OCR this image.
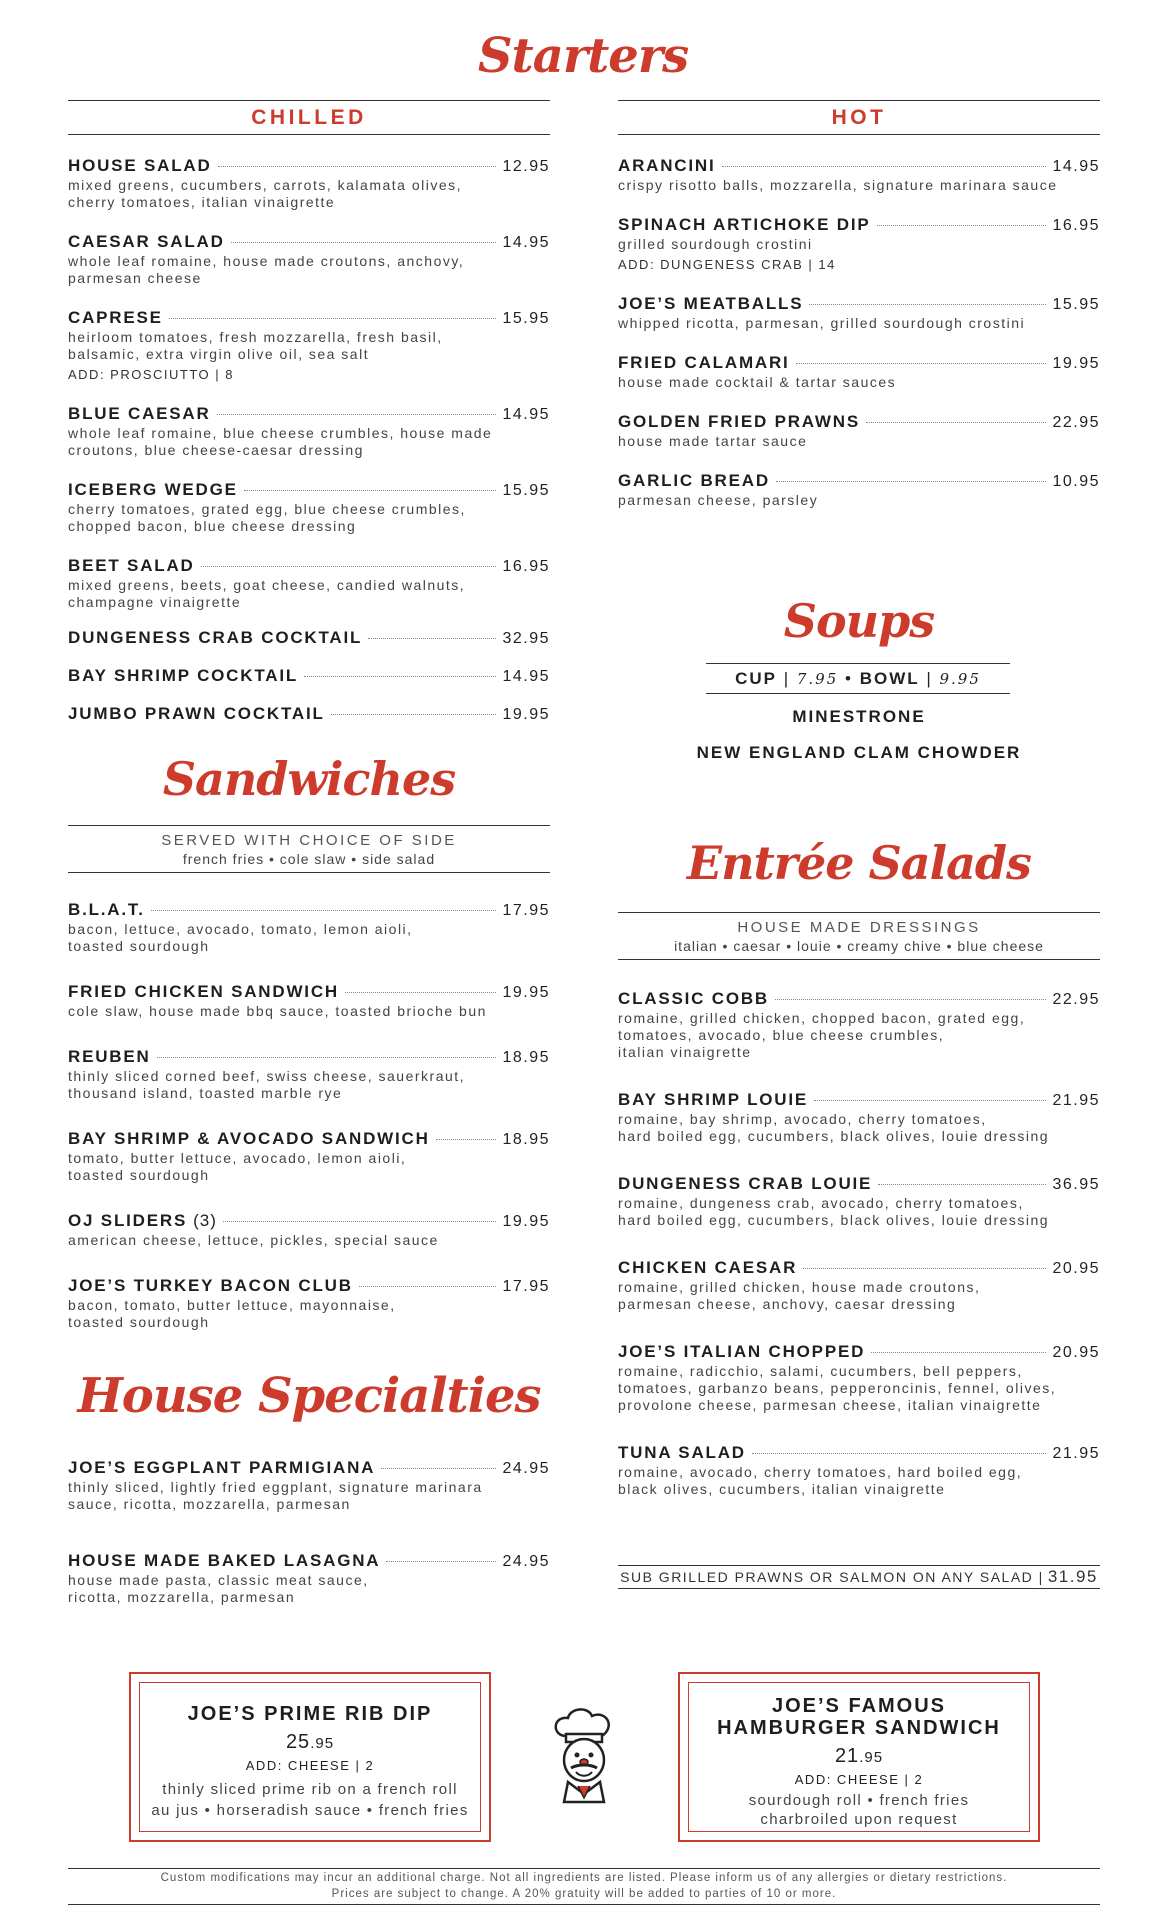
Starters
CHILLED
HOUSE SALAD	12.95
mixed greens, cucumbers, carrots, kalamata olives,
cherry tomatoes, italian vinaigrette
CAESAR SALAD	14.95
whole leaf romaine, house made croutons, anchovy,
parmesan cheese
CAPRESE	15.95
heirloom tomatoes, fresh mozzarella, fresh basil,
balsamic, extra virgin olive oil, sea salt
ADD: PROSCIUTTO | 8
BLUE CAESAR	14.95
whole leaf romaine, blue cheese crumbles, house made
croutons, blue cheese-caesar dressing
ICEBERG WEDGE	15.95
cherry tomatoes, grated egg, blue cheese crumbles,
chopped bacon, blue cheese dressing
BEET SALAD	16.95
mixed greens, beets, goat cheese, candied walnuts,
champagne vinaigrette
DUNGENESS CRAB COCKTAIL	32.95
BAY SHRIMP COCKTAIL	14.95
JUMBO PRAWN COCKTAIL	19.95
HOT
ARANCINI	14.95
crispy risotto balls, mozzarella, signature marinara sauce
SPINACH ARTICHOKE DIP	16.95
grilled sourdough crostini
ADD: DUNGENESS CRAB | 14
JOE’S MEATBALLS	15.95
whipped ricotta, parmesan, grilled sourdough crostini
FRIED CALAMARI	19.95
house made cocktail & tartar sauces
GOLDEN FRIED PRAWNS	22.95
house made tartar sauce
GARLIC BREAD	10.95
parmesan cheese, parsley
Soups
CUP | 7.95 • BOWL | 9.95
MINESTRONE
NEW ENGLAND CLAM CHOWDER
Sandwiches
SERVED WITH CHOICE OF SIDE
french fries • cole slaw • side salad
B.L.A.T.	17.95
bacon, lettuce, avocado, tomato, lemon aioli,
toasted sourdough
FRIED CHICKEN SANDWICH	19.95
cole slaw, house made bbq sauce, toasted brioche bun
REUBEN	18.95
thinly sliced corned beef, swiss cheese, sauerkraut,
thousand island, toasted marble rye
BAY SHRIMP & AVOCADO SANDWICH	18.95
tomato, butter lettuce, avocado, lemon aioli,
toasted sourdough
OJ SLIDERS (3)	19.95
american cheese, lettuce, pickles, special sauce
JOE’S TURKEY BACON CLUB	17.95
bacon, tomato, butter lettuce, mayonnaise,
toasted sourdough
Entrée Salads
HOUSE MADE DRESSINGS
italian • caesar • louie • creamy chive • blue cheese
CLASSIC COBB	22.95
romaine, grilled chicken, chopped bacon, grated egg,
tomatoes, avocado, blue cheese crumbles,
italian vinaigrette
BAY SHRIMP LOUIE	21.95
romaine, bay shrimp, avocado, cherry tomatoes,
hard boiled egg, cucumbers, black olives, louie dressing
DUNGENESS CRAB LOUIE	36.95
romaine, dungeness crab, avocado, cherry tomatoes,
hard boiled egg, cucumbers, black olives, louie dressing
CHICKEN CAESAR	20.95
romaine, grilled chicken, house made croutons,
parmesan cheese, anchovy, caesar dressing
JOE’S ITALIAN CHOPPED	20.95
romaine, radicchio, salami, cucumbers, bell peppers,
tomatoes, garbanzo beans, pepperoncinis, fennel, olives,
provolone cheese, parmesan cheese, italian vinaigrette
TUNA SALAD	21.95
romaine, avocado, cherry tomatoes, hard boiled egg,
black olives, cucumbers, italian vinaigrette
SUB GRILLED PRAWNS OR SALMON ON ANY SALAD | 31.95
House Specialties
JOE’S EGGPLANT PARMIGIANA	24.95
thinly sliced, lightly fried eggplant, signature marinara
sauce, ricotta, mozzarella, parmesan
HOUSE MADE BAKED LASAGNA	24.95
house made pasta, classic meat sauce,
ricotta, mozzarella, parmesan
JOE’S PRIME RIB DIP
25.95
ADD: CHEESE | 2
thinly sliced prime rib on a french roll
au jus • horseradish sauce • french fries
JOE’S FAMOUS
HAMBURGER SANDWICH
21.95
ADD: CHEESE | 2
sourdough roll • french fries
charbroiled upon request
Custom modifications may incur an additional charge. Not all ingredients are listed. Please inform us of any allergies or dietary restrictions.
Prices are subject to change. A 20% gratuity will be added to parties of 10 or more.
